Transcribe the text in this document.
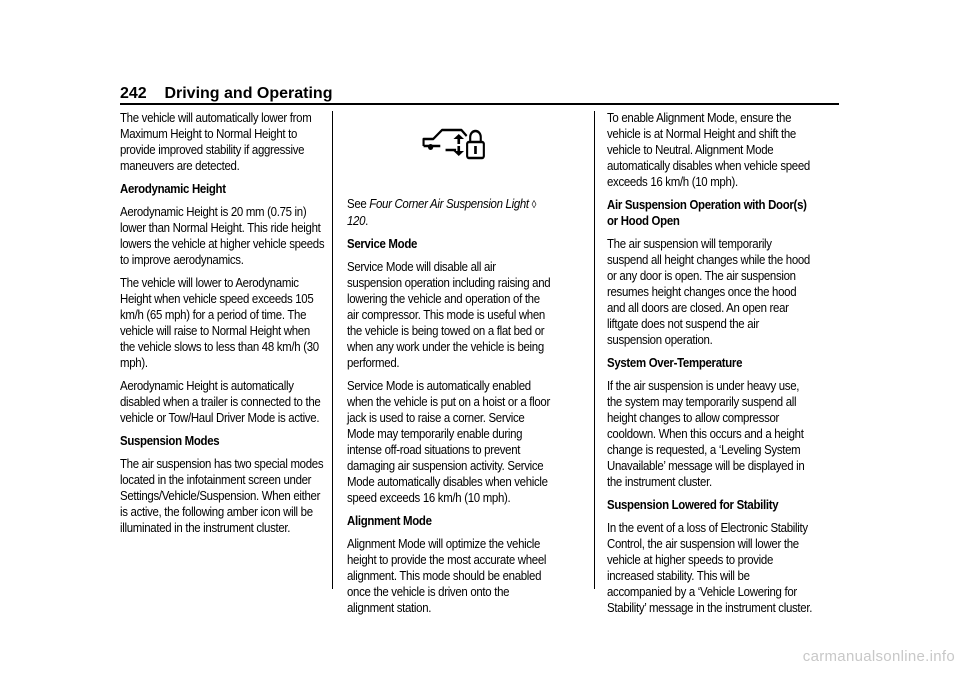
242 Driving and Operating

The vehicle will automatically lower from Maximum Height to Normal Height to provide improved stability if aggressive maneuvers are detected.

Aerodynamic Height

Aerodynamic Height is 20 mm (0.75 in) lower than Normal Height. This ride height lowers the vehicle at higher vehicle speeds to improve aerodynamics.

The vehicle will lower to Aerodynamic Height when vehicle speed exceeds 105 km/h (65 mph) for a period of time. The vehicle will raise to Normal Height when the vehicle slows to less than 48 km/h (30 mph).

Aerodynamic Height is automatically disabled when a trailer is connected to the vehicle or Tow/Haul Driver Mode is active.

Suspension Modes

The air suspension has two special modes located in the infotainment screen under Settings/Vehicle/Suspension. When either is active, the following amber icon will be illuminated in the instrument cluster.

See Four Corner Air Suspension Light ◊ 120.

Service Mode

Service Mode will disable all air suspension operation including raising and lowering the vehicle and operation of the air compressor. This mode is useful when the vehicle is being towed on a flat bed or when any work under the vehicle is being performed.

Service Mode is automatically enabled when the vehicle is put on a hoist or a floor jack is used to raise a corner. Service Mode may temporarily enable during intense off-road situations to prevent damaging air suspension activity. Service Mode automatically disables when vehicle speed exceeds 16 km/h (10 mph).

Alignment Mode

Alignment Mode will optimize the vehicle height to provide the most accurate wheel alignment. This mode should be enabled once the vehicle is driven onto the alignment station.

To enable Alignment Mode, ensure the vehicle is at Normal Height and shift the vehicle to Neutral. Alignment Mode automatically disables when vehicle speed exceeds 16 km/h (10 mph).

Air Suspension Operation with Door(s) or Hood Open

The air suspension will temporarily suspend all height changes while the hood or any door is open. The air suspension resumes height changes once the hood and all doors are closed. An open rear liftgate does not suspend the air suspension operation.

System Over-Temperature

If the air suspension is under heavy use, the system may temporarily suspend all height changes to allow compressor cooldown. When this occurs and a height change is requested, a ‘Leveling System Unavailable’ message will be displayed in the instrument cluster.

Suspension Lowered for Stability

In the event of a loss of Electronic Stability Control, the air suspension will lower the vehicle at higher speeds to provide increased stability. This will be accompanied by a ‘Vehicle Lowering for Stability’ message in the instrument cluster.

carmanualsonline.info
